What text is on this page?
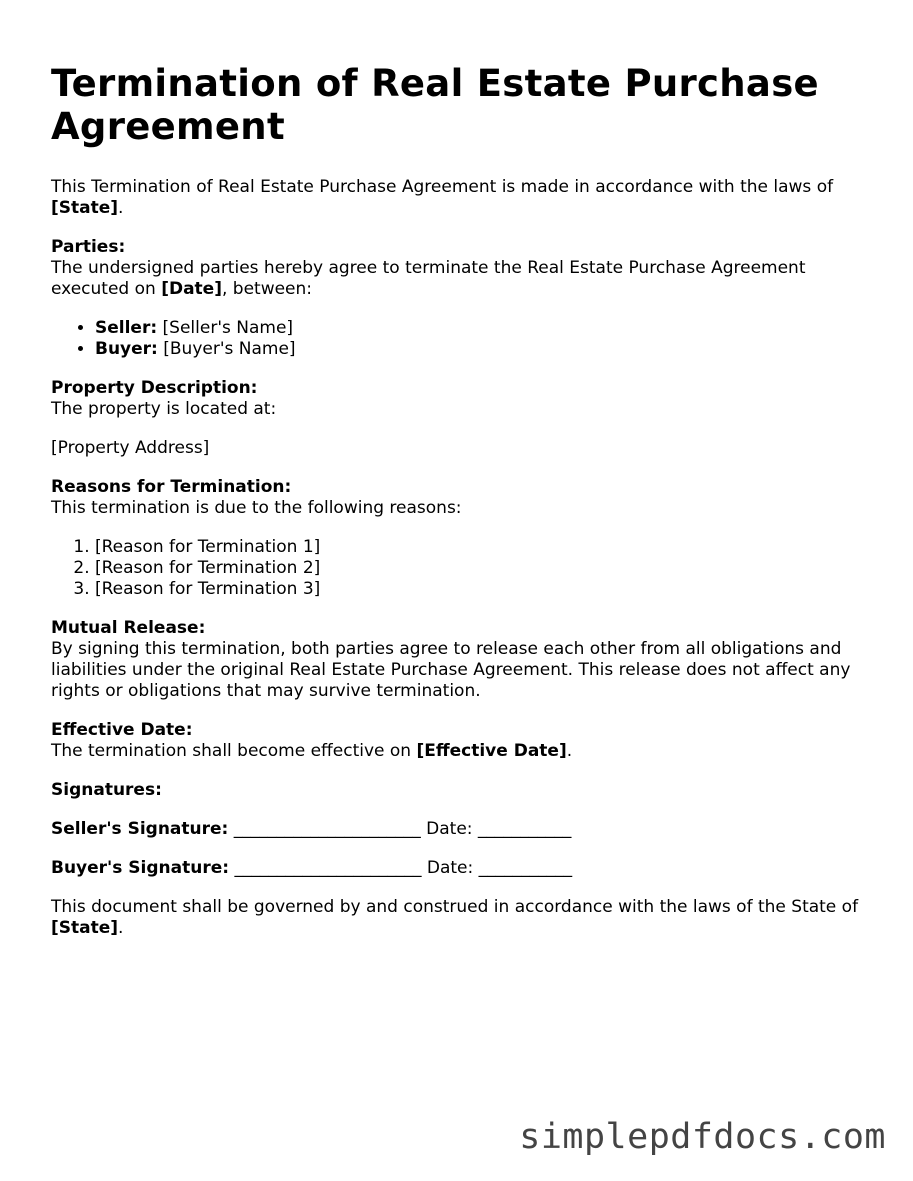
Termination of Real Estate Purchase Agreement

This Termination of Real Estate Purchase Agreement is made in accordance with the laws of [State].

Parties:
The undersigned parties hereby agree to terminate the Real Estate Purchase Agreement executed on [Date], between:

• Seller: [Seller's Name]
• Buyer: [Buyer's Name]

Property Description:
The property is located at:

[Property Address]

Reasons for Termination:
This termination is due to the following reasons:

1. [Reason for Termination 1]
2. [Reason for Termination 2]
3. [Reason for Termination 3]

Mutual Release:
By signing this termination, both parties agree to release each other from all obligations and liabilities under the original Real Estate Purchase Agreement. This release does not affect any rights or obligations that may survive termination.

Effective Date:
The termination shall become effective on [Effective Date].

Signatures:

Seller's Signature: ______________________ Date: ___________

Buyer's Signature: ______________________ Date: ___________

This document shall be governed by and construed in accordance with the laws of the State of [State].

simplepdfdocs.com
